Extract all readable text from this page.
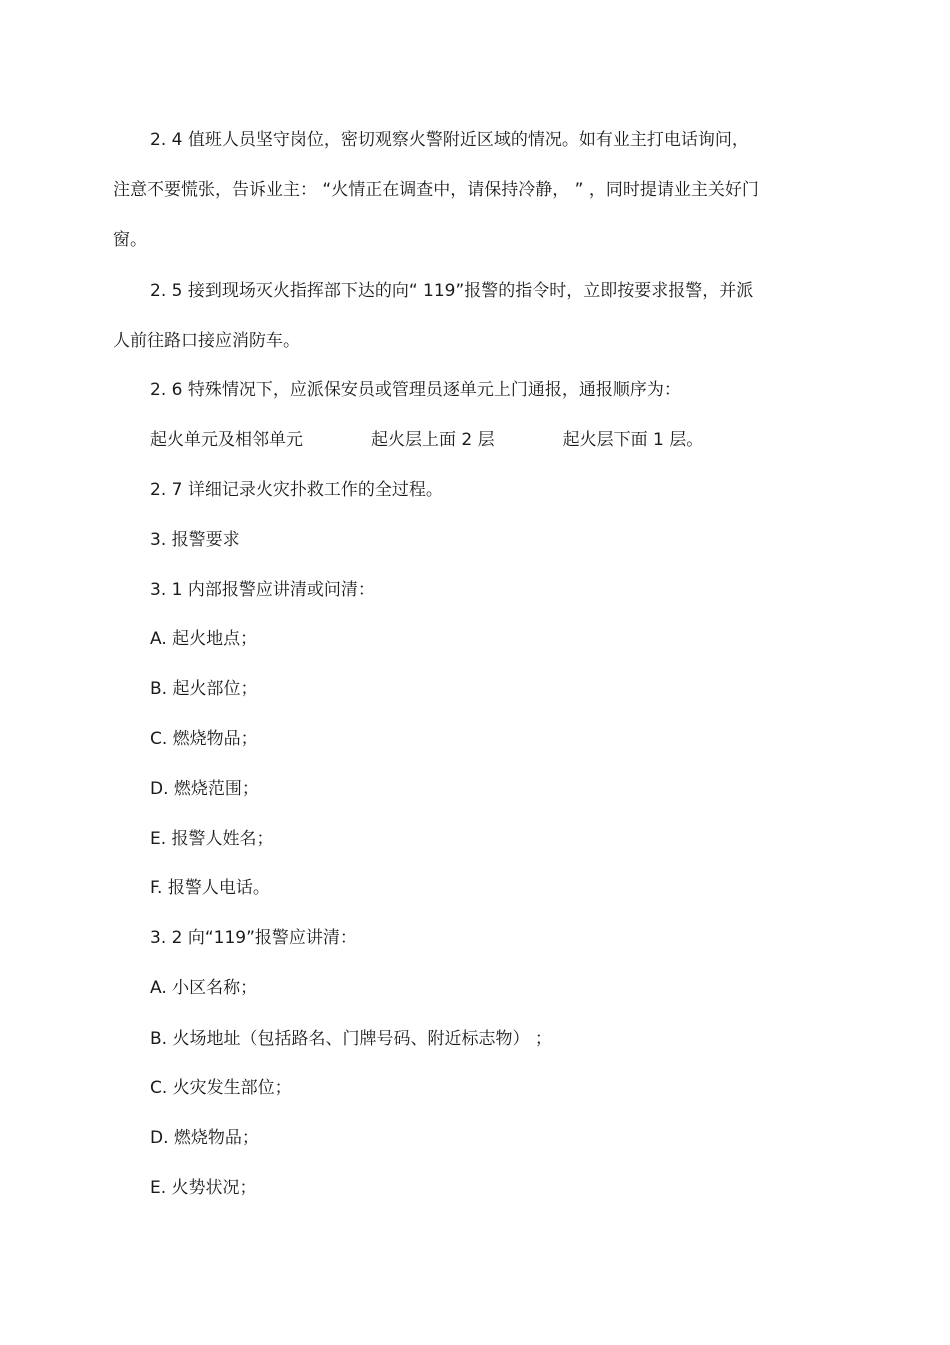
2. 4 值班人员坚守岗位，密切观察火警附近区域的情况。如有业主打电话询问，
注意不要慌张，告诉业主： “火情正在调查中，请保持冷静， ” ，同时提请业主关好门
窗。
2. 5 接到现场灭火指挥部下达的向“ 119”报警的指令时，立即按要求报警，并派
人前往路口接应消防车。
2. 6 特殊情况下，应派保安员或管理员逐单元上门通报，通报顺序为：
起火单元及相邻单元	起火层上面 2 层	起火层下面 1 层。
2. 7 详细记录火灾扑救工作的全过程。
3. 报警要求
3. 1 内部报警应讲清或问清：
A. 起火地点；
B. 起火部位；
C. 燃烧物品；
D. 燃烧范围；
E. 报警人姓名；
F. 报警人电话。
3. 2 向“119”报警应讲清：
A. 小区名称；
B. 火场地址（包括路名、门牌号码、附近标志物） ；
C. 火灾发生部位；
D. 燃烧物品；
E. 火势状况；
